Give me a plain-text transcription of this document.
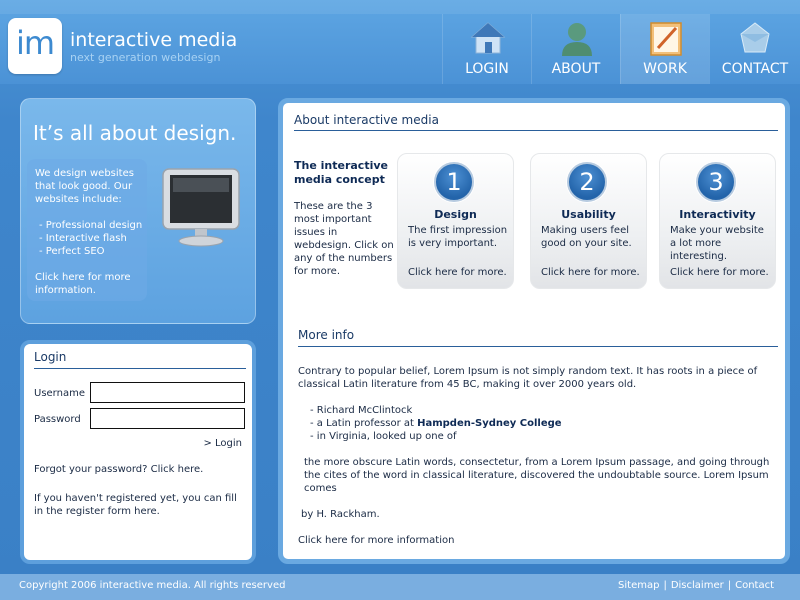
im interactive media
next generation webdesign
LOGIN	ABOUT	WORK	CONTACT
It’s all about design.
We design websites that look good. Our websites include:
- Professional design
- Interactive flash
- Perfect SEO
Click here for more information.
Login
Username
Password
> Login
Forgot your password? Click here.
If you haven't registered yet, you can fill in the register form here.
About interactive media
The interactive media concept
These are the 3 most important issues in webdesign. Click on any of the numbers for more.
1
Design
The first impression is very important.
Click here for more.
2
Usability
Making users feel good on your site.
Click here for more.
3
Interactivity
Make your website a lot more interesting.
Click here for more.
More info
Contrary to popular belief, Lorem Ipsum is not simply random text. It has roots in a piece of classical Latin literature from 45 BC, making it over 2000 years old.
- Richard McClintock
- a Latin professor at Hampden-Sydney College
- in Virginia, looked up one of
the more obscure Latin words, consectetur, from a Lorem Ipsum passage, and going through the cites of the word in classical literature, discovered the undoubtable source. Lorem Ipsum comes
by H. Rackham.
Click here for more information
Copyright 2006 interactive media. All rights reserved	Sitemap | Disclaimer | Contact
